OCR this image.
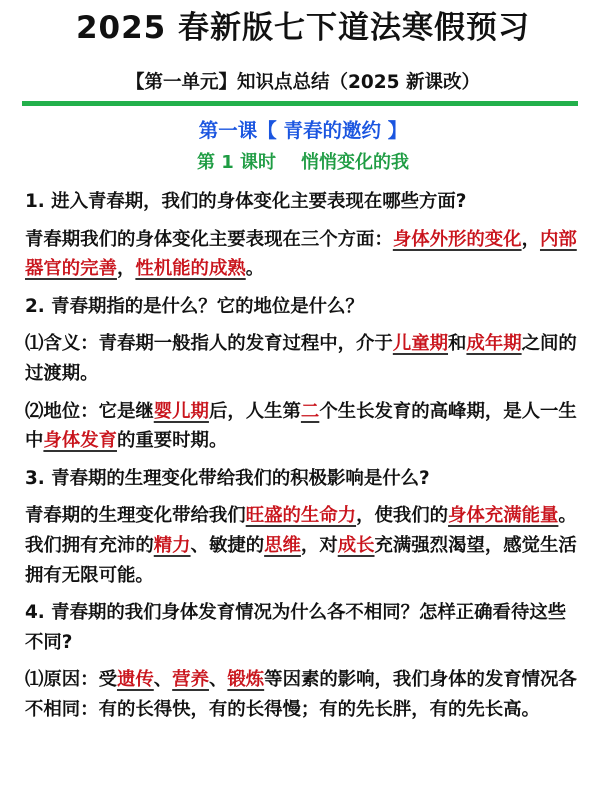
2025 春新版七下道法寒假预习
【第一单元】知识点总结（2025 新课改）
第一课【 青春的邀约 】
第 1 课时    悄悄变化的我

1. 进入青春期，我们的身体变化主要表现在哪些方面?

青春期我们的身体变化主要表现在三个方面：身体外形的变化，内部器官的完善，性机能的成熟。

2. 青春期指的是什么？它的地位是什么？

⑴含义：青春期一般指人的发育过程中，介于儿童期和成年期之间的过渡期。

⑵地位：它是继婴儿期后，人生第二个生长发育的高峰期，是人一生中身体发育的重要时期。

3. 青春期的生理变化带给我们的积极影响是什么?

青春期的生理变化带给我们旺盛的生命力，使我们的身体充满能量。我们拥有充沛的精力、敏捷的思维，对成长充满强烈渴望，感觉生活拥有无限可能。

4. 青春期的我们身体发育情况为什么各不相同？怎样正确看待这些不同?

⑴原因：受遗传、营养、锻炼等因素的影响，我们身体的发育情况各不相同：有的长得快，有的长得慢；有的先长胖，有的先长高。
